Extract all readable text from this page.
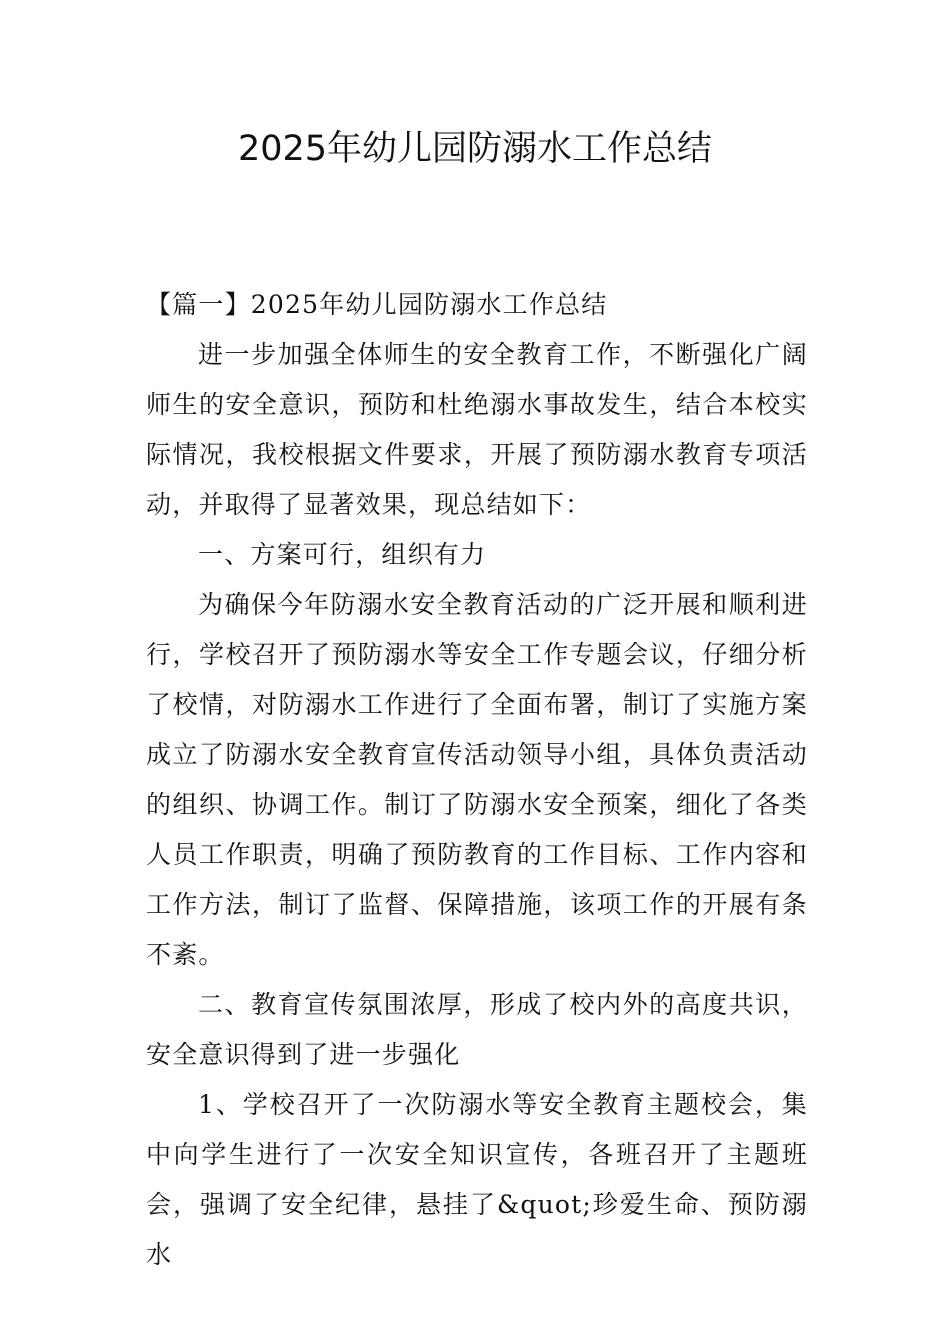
2025年幼儿园防溺水工作总结

【篇一】2025年幼儿园防溺水工作总结

进一步加强全体师生的安全教育工作，不断强化广阔师生的安全意识，预防和杜绝溺水事故发生，结合本校实际情况，我校根据文件要求，开展了预防溺水教育专项活动，并取得了显著效果，现总结如下：

一、方案可行，组织有力

为确保今年防溺水安全教育活动的广泛开展和顺利进行，学校召开了预防溺水等安全工作专题会议，仔细分析了校情，对防溺水工作进行了全面布署，制订了实施方案成立了防溺水安全教育宣传活动领导小组，具体负责活动的组织、协调工作。制订了防溺水安全预案，细化了各类人员工作职责，明确了预防教育的工作目标、工作内容和工作方法，制订了监督、保障措施，该项工作的开展有条不紊。

二、教育宣传氛围浓厚，形成了校内外的高度共识，安全意识得到了进一步强化

1、学校召开了一次防溺水等安全教育主题校会，集中向学生进行了一次安全知识宣传，各班召开了主题班会，强调了安全纪律，悬挂了&quot;珍爱生命、预防溺水
